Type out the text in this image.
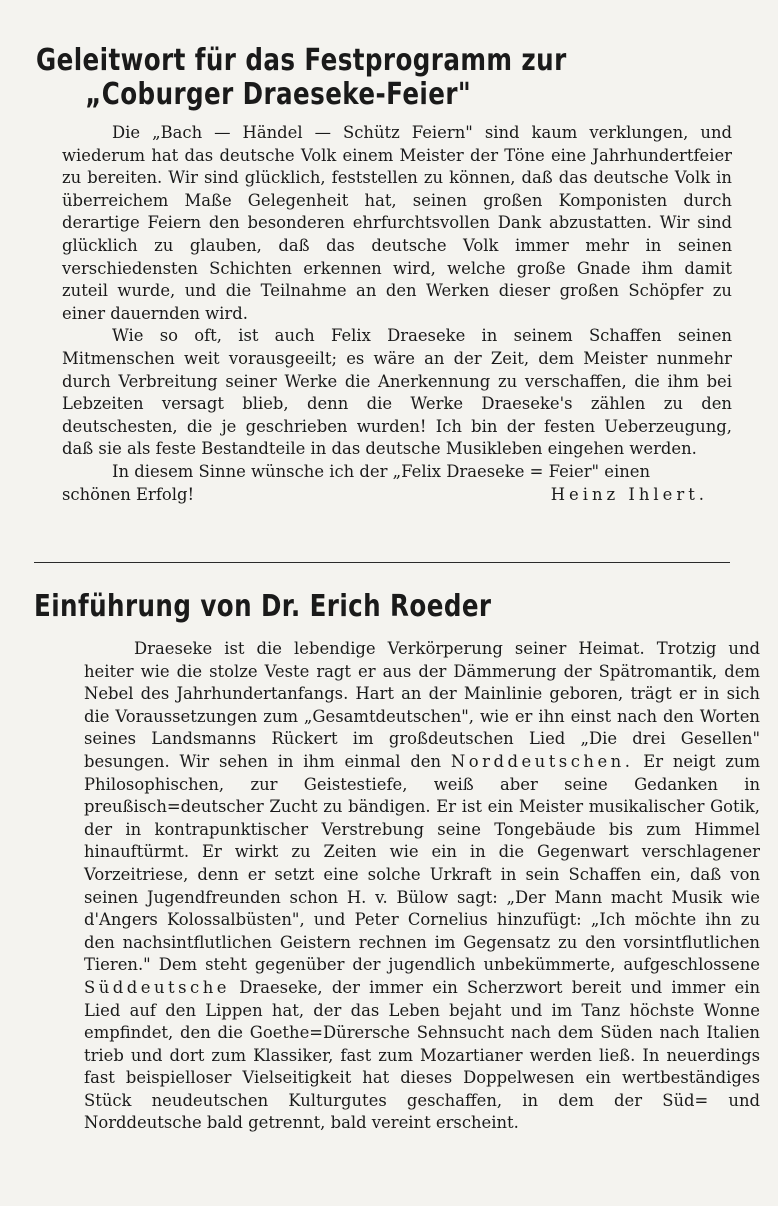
Geleitwort für das Festprogramm zur
„Coburger Draeseke-Feier"

Die „Bach — Händel — Schütz Feiern" sind kaum verklungen, und wiederum hat das deutsche Volk einem Meister der Töne eine Jahrhundertfeier zu bereiten. Wir sind glücklich, feststellen zu können, daß das deutsche Volk in überreichem Maße Gelegenheit hat, seinen großen Komponisten durch derartige Feiern den besonderen ehrfurchtsvollen Dank abzustatten. Wir sind glücklich zu glauben, daß das deutsche Volk immer mehr in seinen verschiedensten Schichten erkennen wird, welche große Gnade ihm damit zuteil wurde, und die Teilnahme an den Werken dieser großen Schöpfer zu einer dauernden wird.

Wie so oft, ist auch Felix Draeseke in seinem Schaffen seinen Mitmenschen weit vorausgeeilt; es wäre an der Zeit, dem Meister nunmehr durch Verbreitung seiner Werke die Anerkennung zu verschaffen, die ihm bei Lebzeiten versagt blieb, denn die Werke Draeseke's zählen zu den deutschesten, die je geschrieben wurden! Ich bin der festen Ueberzeugung, daß sie als feste Bestandteile in das deutsche Musikleben eingehen werden.

In diesem Sinne wünsche ich der „Felix Draeseke = Feier" einen

schönen Erfolg!	Heinz Ihlert.
Einführung von Dr. Erich Roeder

Draeseke ist die lebendige Verkörperung seiner Heimat. Trotzig und heiter wie die stolze Veste ragt er aus der Dämmerung der Spätromantik, dem Nebel des Jahrhundertanfangs. Hart an der Mainlinie geboren, trägt er in sich die Voraussetzungen zum „Gesamtdeutschen", wie er ihn einst nach den Worten seines Landsmanns Rückert im großdeutschen Lied „Die drei Gesellen" besungen. Wir sehen in ihm einmal den Norddeutschen. Er neigt zum Philosophischen, zur Geistestiefe, weiß aber seine Gedanken in preußisch=deutscher Zucht zu bändigen. Er ist ein Meister musikalischer Gotik, der in kontrapunktischer Verstrebung seine Tongebäude bis zum Himmel hinauftürmt. Er wirkt zu Zeiten wie ein in die Gegenwart verschlagener Vorzeitriese, denn er setzt eine solche Urkraft in sein Schaffen ein, daß von seinen Jugendfreunden schon H. v. Bülow sagt: „Der Mann macht Musik wie d'Angers Kolossalbüsten", und Peter Cornelius hinzufügt: „Ich möchte ihn zu den nachsintflutlichen Geistern rechnen im Gegensatz zu den vorsintflutlichen Tieren." Dem steht gegenüber der jugendlich unbekümmerte, aufgeschlossene Süddeutsche Draeseke, der immer ein Scherzwort bereit und immer ein Lied auf den Lippen hat, der das Leben bejaht und im Tanz höchste Wonne empfindet, den die Goethe=Dürersche Sehnsucht nach dem Süden nach Italien trieb und dort zum Klassiker, fast zum Mozartianer werden ließ. In neuerdings fast beispielloser Vielseitigkeit hat dieses Doppelwesen ein wertbeständiges Stück neudeutschen Kulturgutes geschaffen, in dem der Süd= und Norddeutsche bald getrennt, bald vereint erscheint.
